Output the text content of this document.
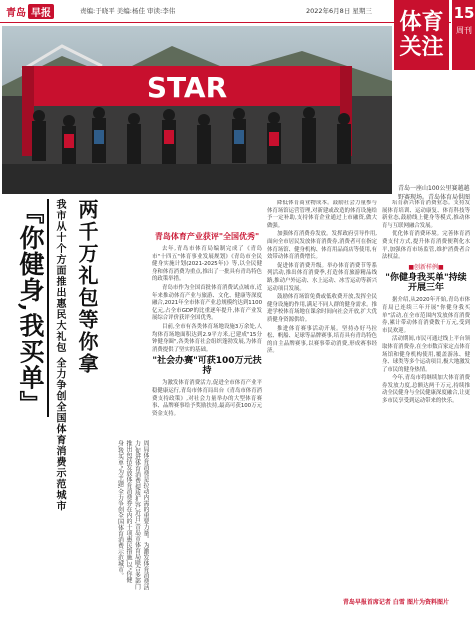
青岛 早报	责编:于晓平 美编:杨佳 审读:李伟	2022年6月8日 星期三 体育
关注
15
周刊
STAR
青岛一座山100公里赛越越野赛现场。青岛体育局供图
『你健身,我买单』 我市从十个方面推出惠民大礼包 全力争创全国体育消费示范城市 两千万礼包等你拿
周局体育消费是拉动内需的重要力量。为激发体育消费活力,促进体育消费提质扩容,近日,青岛市体育局联合多部门推出包括发放体育消费券在内的十项惠民措施,以"你健身,我买单"为主题,全力争创全国体育消费示范城市。
青岛体育产业获评"全国优秀"

去年,青岛市体育局编制完成了《青岛市"十四五"体育事业发展规划》《青岛市全民健身实施计划(2021-2025年)》等,以全民健身和体育消费为重点,推出了一批具有青岛特色的政策举措。

青岛市作为全国首批体育消费试点城市,近年来推动体育产业与旅游、文化、健康等深度融合,2021年全市体育产业总规模约达到1100亿元,占全市GDP的比重逐年提升,体育产业发展综合评价获评全国优秀。

目前,全市有各类体育场地设施3万余处,人均体育场地面积达到2.9平方米,已建成"15分钟健身圈",各类体育社会组织蓬勃发展,为体育消费提供了坚实的基础。

"社会办赛"可获100万元扶持

为激发体育消费活力,促进全市体育产业平稳健康运行,青岛市体育局出台《青岛市体育消费支持政策》,对社会力量举办的大型体育赛事、品牌赛事给予奖励扶持,最高可获100万元资金支持。

降低体育商业物成本。鼓励社会力量参与体育场馆运营管理,对新建或改造的体育设施给予一定补助,支持体育企业通过上市融资,做大做强。

加强体育消费券发放。发挥政府引导作用,面向全市居民发放体育消费券,消费者可在指定体育场馆、健身机构、体育用品商店等使用,有效带动体育消费增长。

促进体育消费升级。举办体育消费节等系列活动,推出体育消费季,打造体育旅游精品线路,推动户外运动、水上运动、冰雪运动等新兴运动项目发展。

鼓励体育场馆免费或低收费开放,发挥全民健身设施的作用,满足不同人群的健身需求。推进学校体育场地在课余时间向社会开放,扩大优质健身资源供给。

推进体育赛事活动开展。坚持办好马拉松、帆船、足球等品牌赛事,培育具有青岛特色的自主品牌赛事,以赛事带动消费,形成赛事经济。

培育新兴体育消费业态。支持发展体育培训、运动康复、体育科技等新业态,鼓励线上健身等模式,推动体育与互联网融合发展。

优化体育消费环境。完善体育消费支付方式,提升体育消费便利化水平,加强体育市场监管,维护消费者合法权益。

■创新样例■
"你健身我买单"持续开展三年

据介绍,从2020年开始,青岛市体育局已连续三年开展"你健身我买单"活动,在全市范围内发放体育消费券,累计带动体育消费数千万元,受到市民欢迎。

活动期间,市民可通过线上平台领取体育消费券,在全市数百家定点体育场馆和健身机构使用,覆盖游泳、健身、球类等多个运动项目,极大地激发了市民的健身热情。

今年,青岛市将继续加大体育消费券发放力度,总额达两千万元,持续推动全民健身与全民健康深度融合,让更多市民享受到运动带来的快乐。

青岛早报首席记者 白雪 图片为资料图片
